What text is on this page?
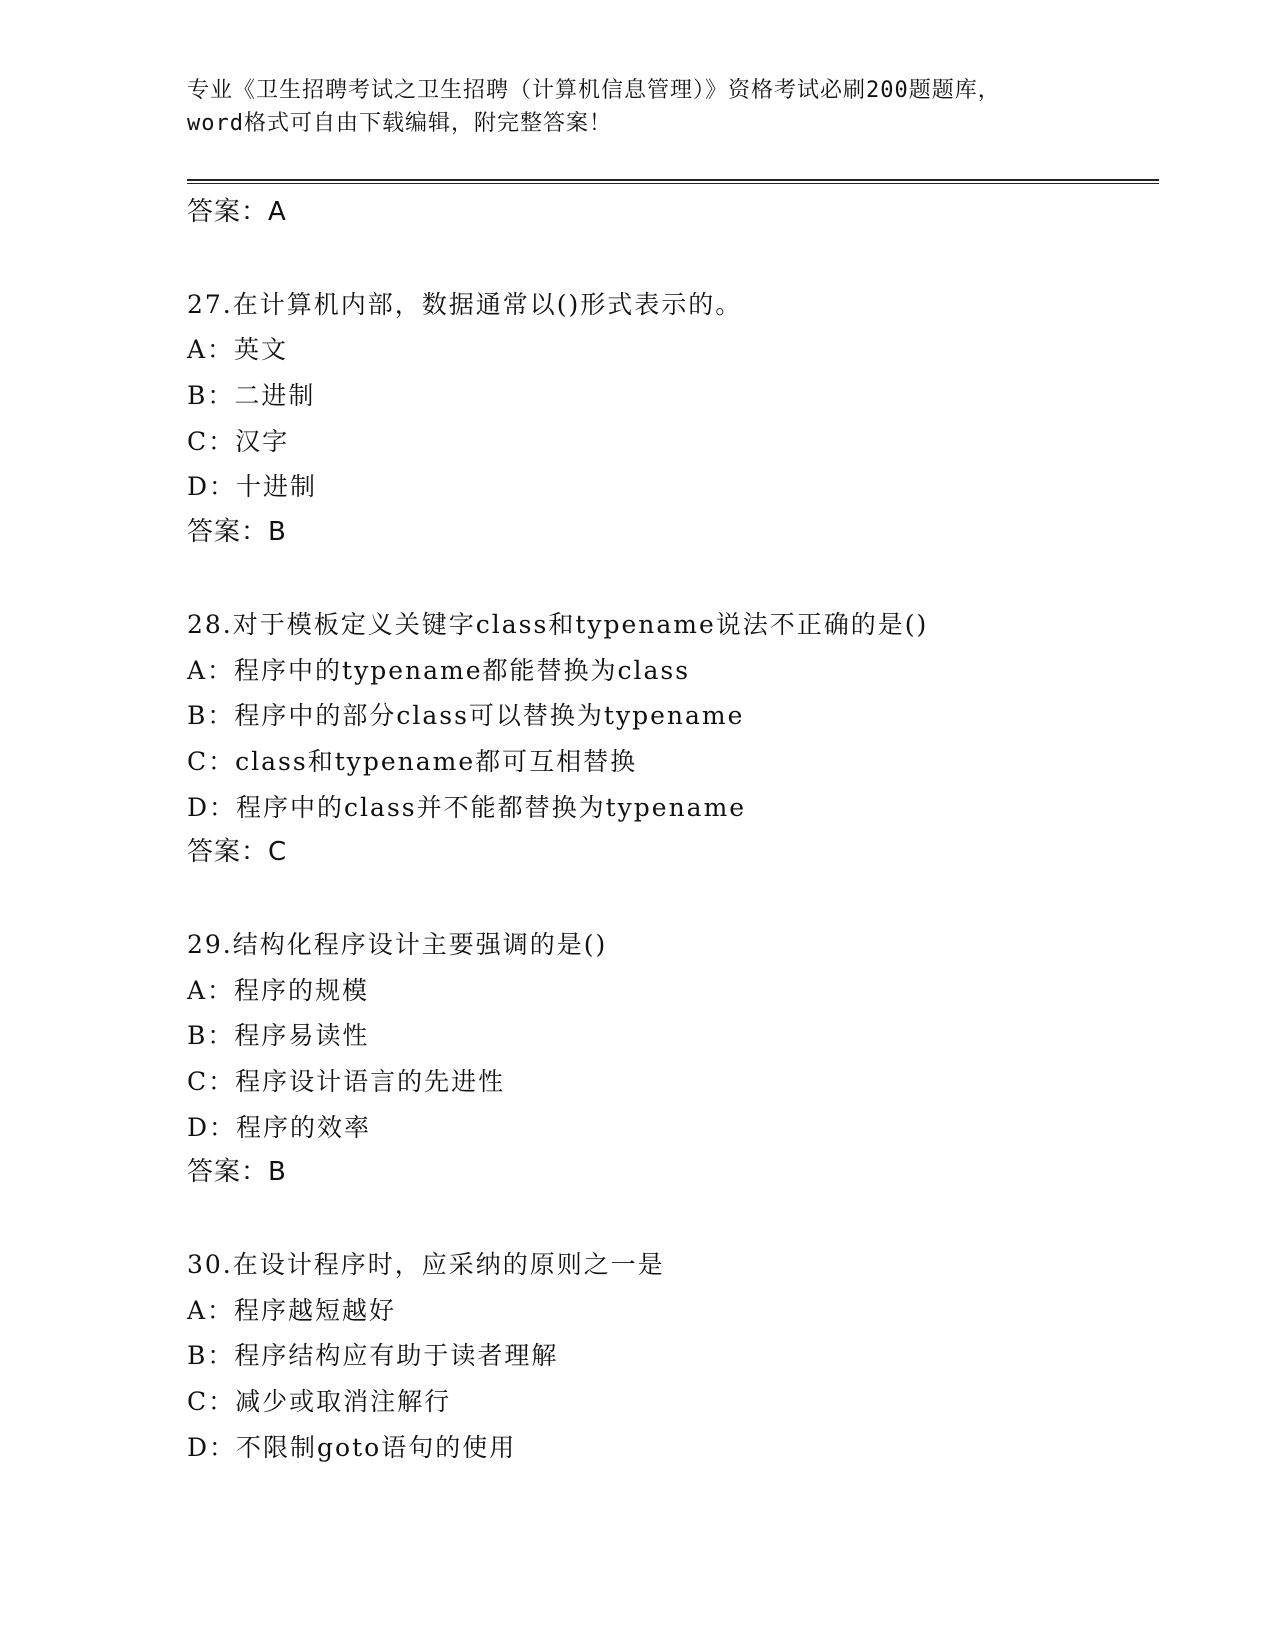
专业《卫生招聘考试之卫生招聘（计算机信息管理）》资格考试必刷200题题库，
word格式可自由下载编辑，附完整答案！
答案：A
27.在计算机内部，数据通常以()形式表示的。
A：英文
B：二进制
C：汉字
D：十进制
答案：B
28.对于模板定义关键字class和typename说法不正确的是()
A：程序中的typename都能替换为class
B：程序中的部分class可以替换为typename
C：class和typename都可互相替换
D：程序中的class并不能都替换为typename
答案：C
29.结构化程序设计主要强调的是()
A：程序的规模
B：程序易读性
C：程序设计语言的先进性
D：程序的效率
答案：B
30.在设计程序时，应采纳的原则之一是
A：程序越短越好
B：程序结构应有助于读者理解
C：减少或取消注解行
D：不限制goto语句的使用
